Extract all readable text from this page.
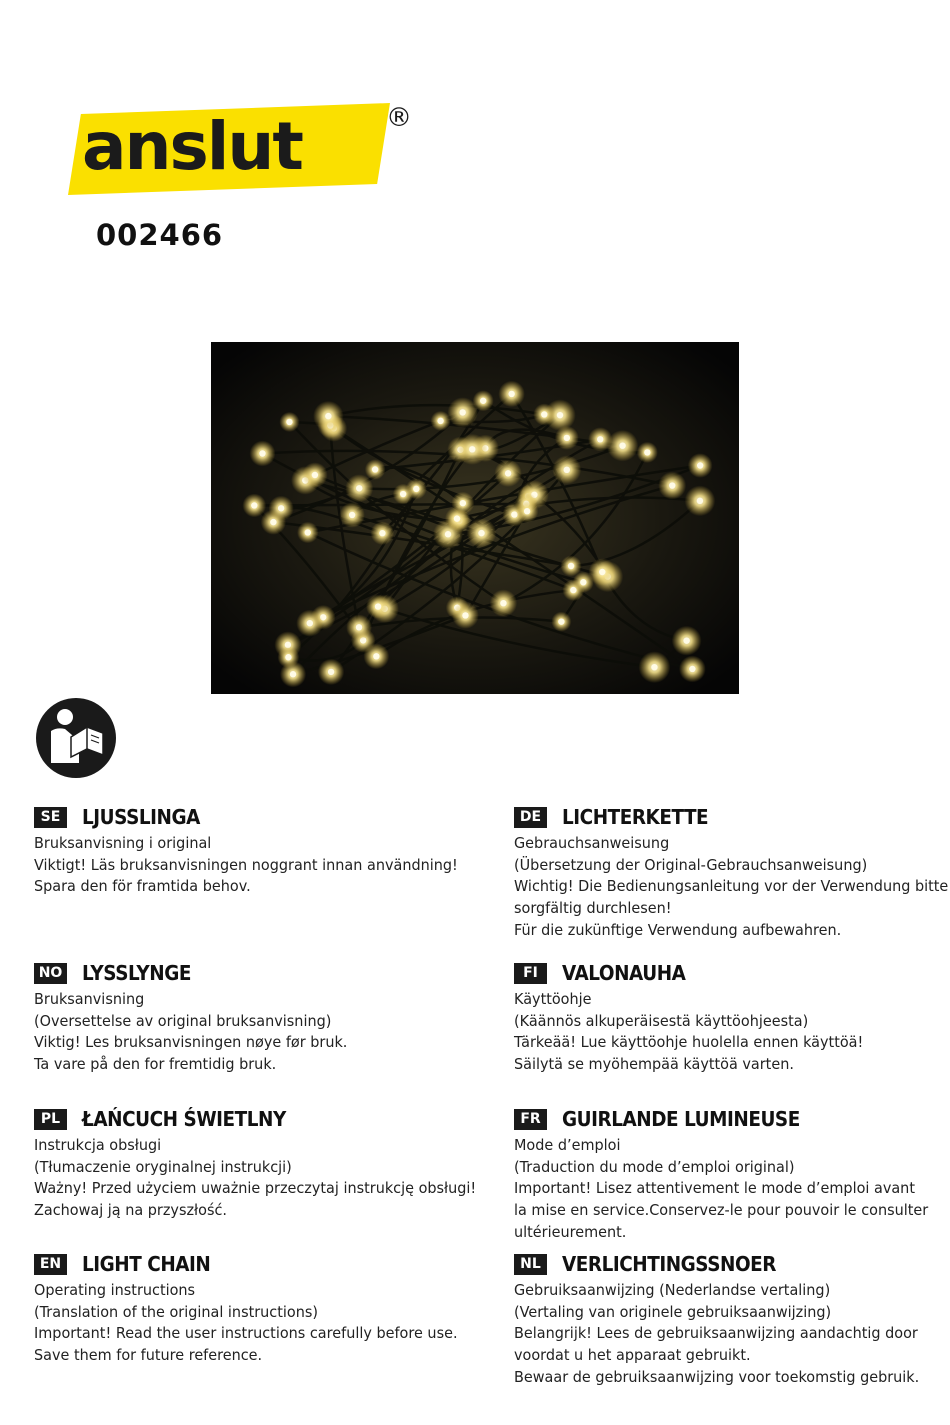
anslut	®
002466
SE	LJUSSLINGA
Bruksanvisning i original
Viktigt! Läs bruksanvisningen noggrant innan användning!
Spara den för framtida behov.
DE LICHTERKETTE
Gebrauchsanweisung
(Übersetzung der Original-Gebrauchsanweisung)
Wichtig! Die Bedienungsanleitung vor der Verwendung bitte
sorgfältig durchlesen!
Für die zukünftige Verwendung aufbewahren.
NO LYSSLYNGE
Bruksanvisning
(Oversettelse av original bruksanvisning)
Viktig! Les bruksanvisningen nøye før bruk.
Ta vare på den for fremtidig bruk.
FI	VALONAUHA
Käyttöohje
(Käännös alkuperäisestä käyttöohjeesta)
Tärkeää! Lue käyttöohje huolella ennen käyttöä!
Säilytä se myöhempää käyttöä varten.
PL	ŁAŃCUCH ŚWIETLNY
Instrukcja obsługi
(Tłumaczenie oryginalnej instrukcji)
Ważny! Przed użyciem uważnie przeczytaj instrukcję obsługi!
Zachowaj ją na przyszłość.
FR	GUIRLANDE LUMINEUSE
Mode d’emploi
(Traduction du mode d’emploi original)
Important! Lisez attentivement le mode d’emploi avant
la mise en service.Conservez-le pour pouvoir le consulter
ultérieurement.
EN LIGHT CHAIN
Operating instructions
(Translation of the original instructions)
Important! Read the user instructions carefully before use.
Save them for future reference.
NL	VERLICHTINGSSNOER
Gebruiksaanwijzing (Nederlandse vertaling)
(Vertaling van originele gebruiksaanwijzing)
Belangrijk! Lees de gebruiksaanwijzing aandachtig door
voordat u het apparaat gebruikt.
Bewaar de gebruiksaanwijzing voor toekomstig gebruik.
